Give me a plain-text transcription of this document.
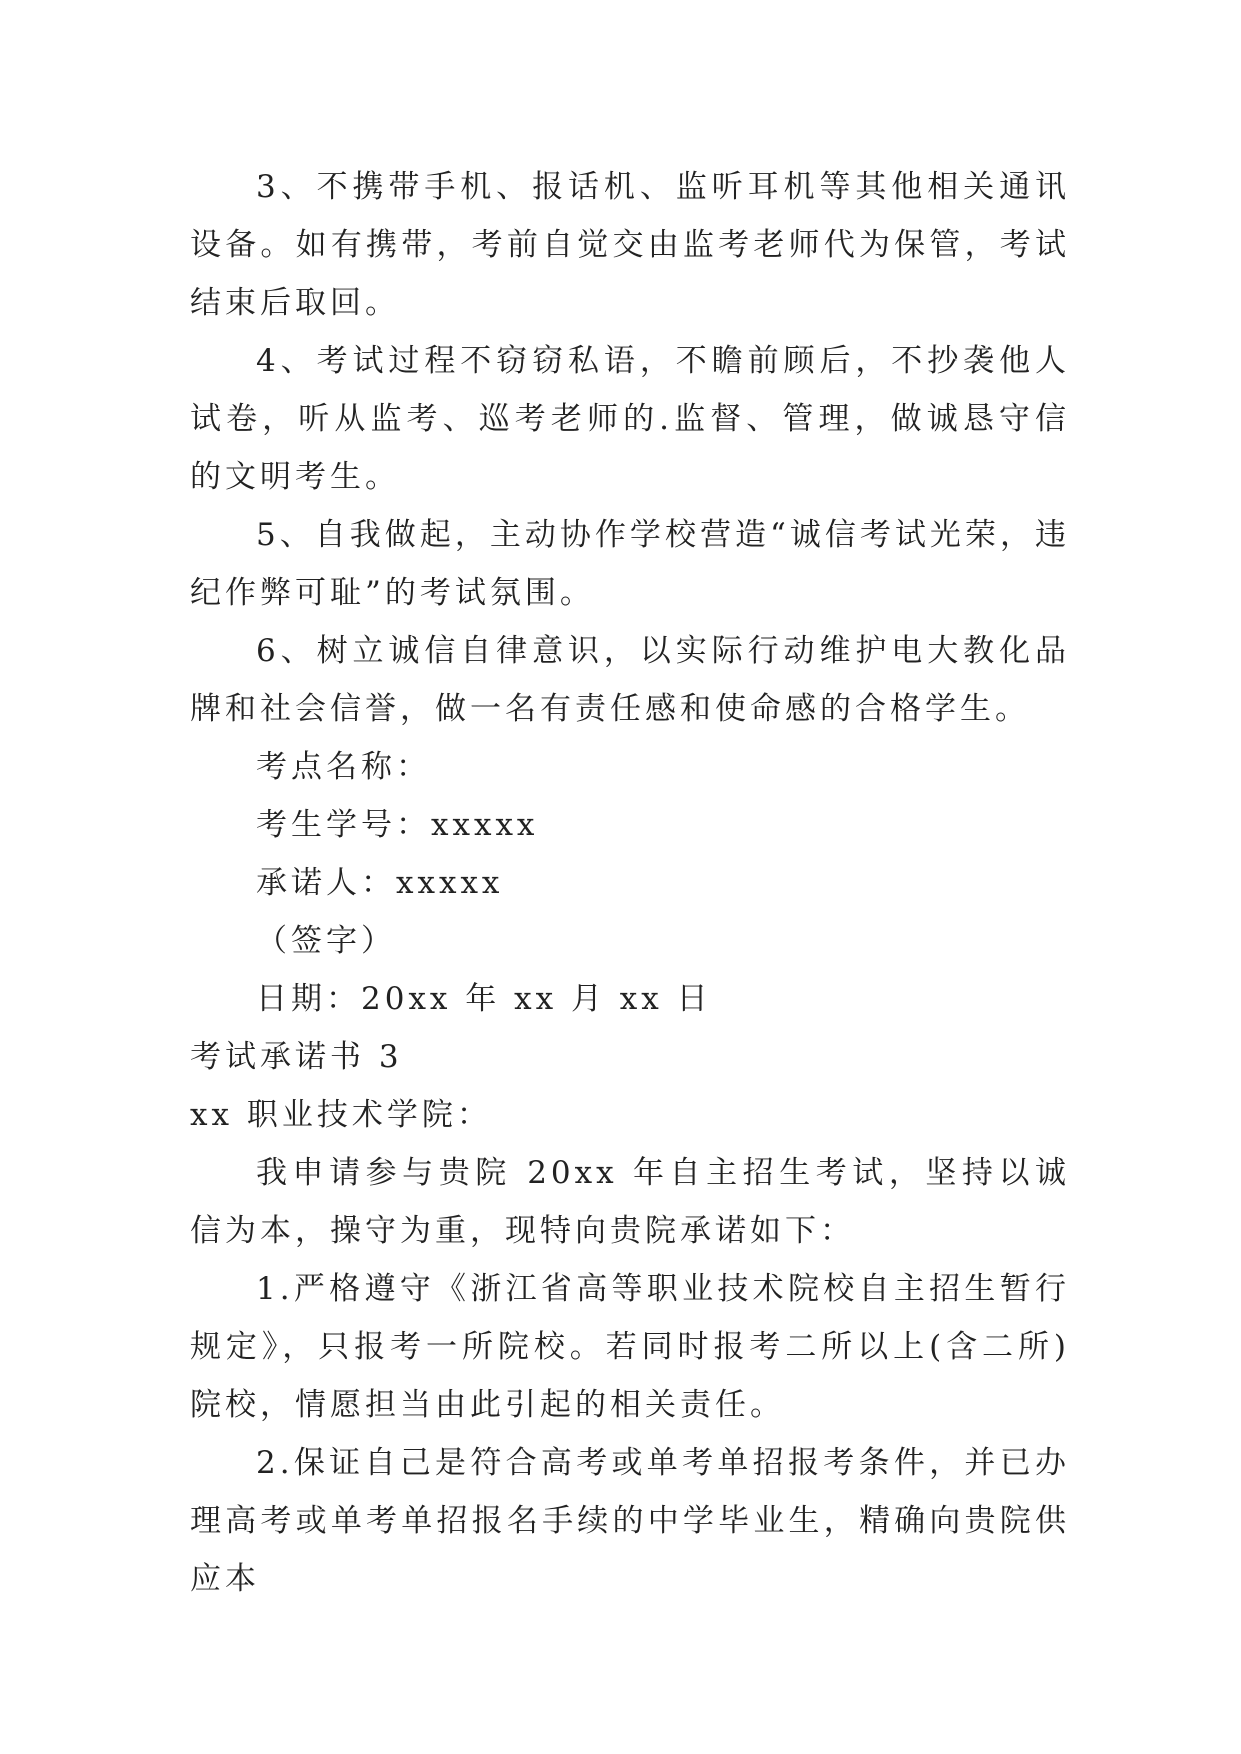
3、不携带手机、报话机、监听耳机等其他相关通讯设备。如有携带，考前自觉交由监考老师代为保管，考试结束后取回。

4、考试过程不窃窃私语，不瞻前顾后，不抄袭他人试卷，听从监考、巡考老师的.监督、管理，做诚恳守信的文明考生。

5、自我做起，主动协作学校营造“诚信考试光荣，违纪作弊可耻”的考试氛围。

6、树立诚信自律意识，以实际行动维护电大教化品牌和社会信誉，做一名有责任感和使命感的合格学生。

考点名称：

考生学号：xxxxx

承诺人：xxxxx

（签字）

日期：20xx 年 xx 月 xx 日

考试承诺书 3

xx 职业技术学院：

我申请参与贵院 20xx 年自主招生考试，坚持以诚信为本，操守为重，现特向贵院承诺如下：

1.严格遵守《浙江省高等职业技术院校自主招生暂行规定》，只报考一所院校。若同时报考二所以上(含二所)院校，情愿担当由此引起的相关责任。

2.保证自己是符合高考或单考单招报考条件，并已办理高考或单考单招报名手续的中学毕业生，精确向贵院供应本
